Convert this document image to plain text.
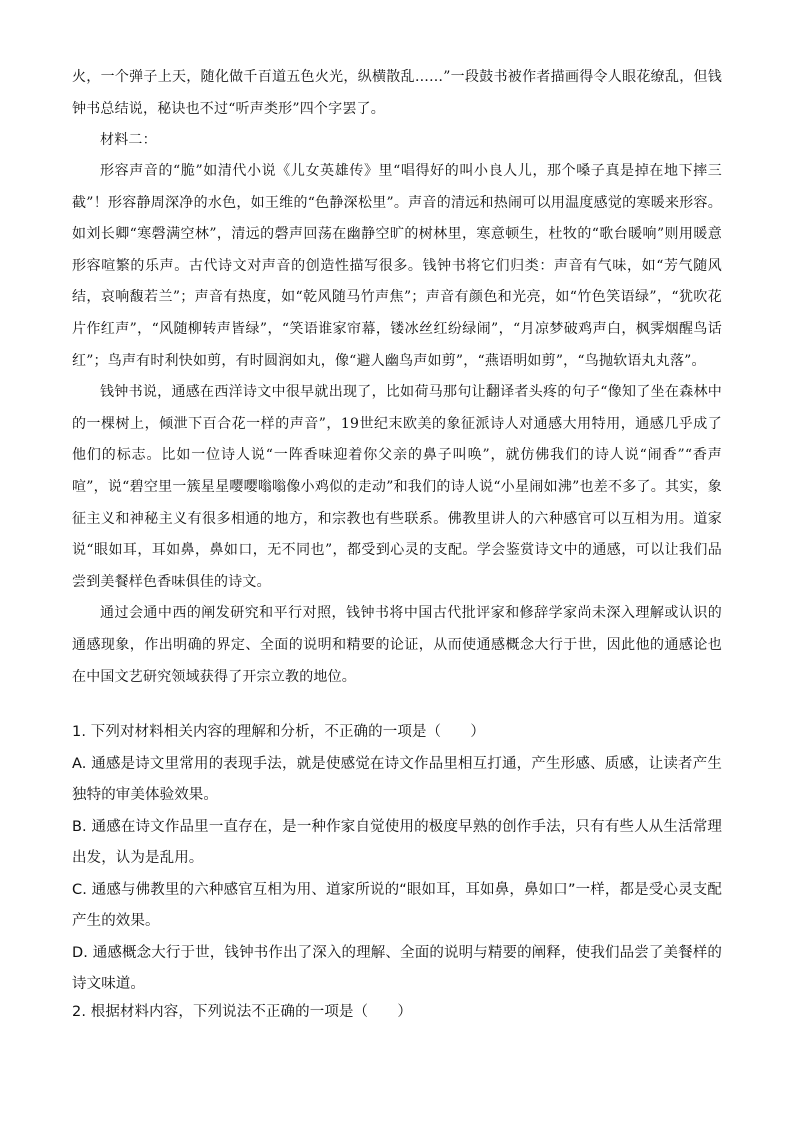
火，一个弹子上天，随化做千百道五色火光，纵横散乱……”一段鼓书被作者描画得令人眼花缭乱，但钱钟书总结说，秘诀也不过“听声类形”四个字罢了。

材料二：

形容声音的“脆”如清代小说《儿女英雄传》里“唱得好的叫小良人儿，那个嗓子真是掉在地下摔三截”！形容静周深净的水色，如王维的“色静深松里”。声音的清远和热闹可以用温度感觉的寒暖来形容。如刘长卿“寒磬满空林”，清远的磬声回荡在幽静空旷的树林里，寒意顿生，杜牧的“歌台暖响”则用暖意形容喧繁的乐声。古代诗文对声音的创造性描写很多。钱钟书将它们归类：声音有气味，如“芳气随风结，哀响馥若兰”；声音有热度，如“乾风随马竹声焦”；声音有颜色和光亮，如“竹色笑语绿”，“犹吹花片作红声”，“风随柳转声皆绿”，“笑语谁家帘幕，镂冰丝红纷绿闹”，“月凉梦破鸡声白，枫霁烟醒鸟话红”；鸟声有时利快如剪，有时圆润如丸，像“避人幽鸟声如剪”，“燕语明如剪”，“鸟抛软语丸丸落”。

钱钟书说，通感在西洋诗文中很早就出现了，比如荷马那句让翻译者头疼的句子“像知了坐在森林中的一棵树上，倾泄下百合花一样的声音”，19世纪末欧美的象征派诗人对通感大用特用，通感几乎成了他们的标志。比如一位诗人说“一阵香味迎着你父亲的鼻子叫唤”，就仿佛我们的诗人说“闹香”“香声喧”，说“碧空里一簇星星嘤嘤嗡嗡像小鸡似的走动”和我们的诗人说“小星闹如沸”也差不多了。其实，象征主义和神秘主义有很多相通的地方，和宗教也有些联系。佛教里讲人的六种感官可以互相为用。道家说“眼如耳，耳如鼻，鼻如口，无不同也”，都受到心灵的支配。学会鉴赏诗文中的通感，可以让我们品尝到美餐样色香味俱佳的诗文。

通过会通中西的阐发研究和平行对照，钱钟书将中国古代批评家和修辞学家尚未深入理解或认识的通感现象，作出明确的界定、全面的说明和精要的论证，从而使通感概念大行于世，因此他的通感论也在中国文艺研究领域获得了开宗立教的地位。

1. 下列对材料相关内容的理解和分析，不正确的一项是（　　）

A. 通感是诗文里常用的表现手法，就是使感觉在诗文作品里相互打通，产生形感、质感，让读者产生独特的审美体验效果。

B. 通感在诗文作品里一直存在，是一种作家自觉使用的极度早熟的创作手法，只有有些人从生活常理出发，认为是乱用。

C. 通感与佛教里的六种感官互相为用、道家所说的“眼如耳，耳如鼻，鼻如口”一样，都是受心灵支配产生的效果。

D. 通感概念大行于世，钱钟书作出了深入的理解、全面的说明与精要的阐释，使我们品尝了美餐样的诗文味道。

2. 根据材料内容，下列说法不正确的一项是（　　）
